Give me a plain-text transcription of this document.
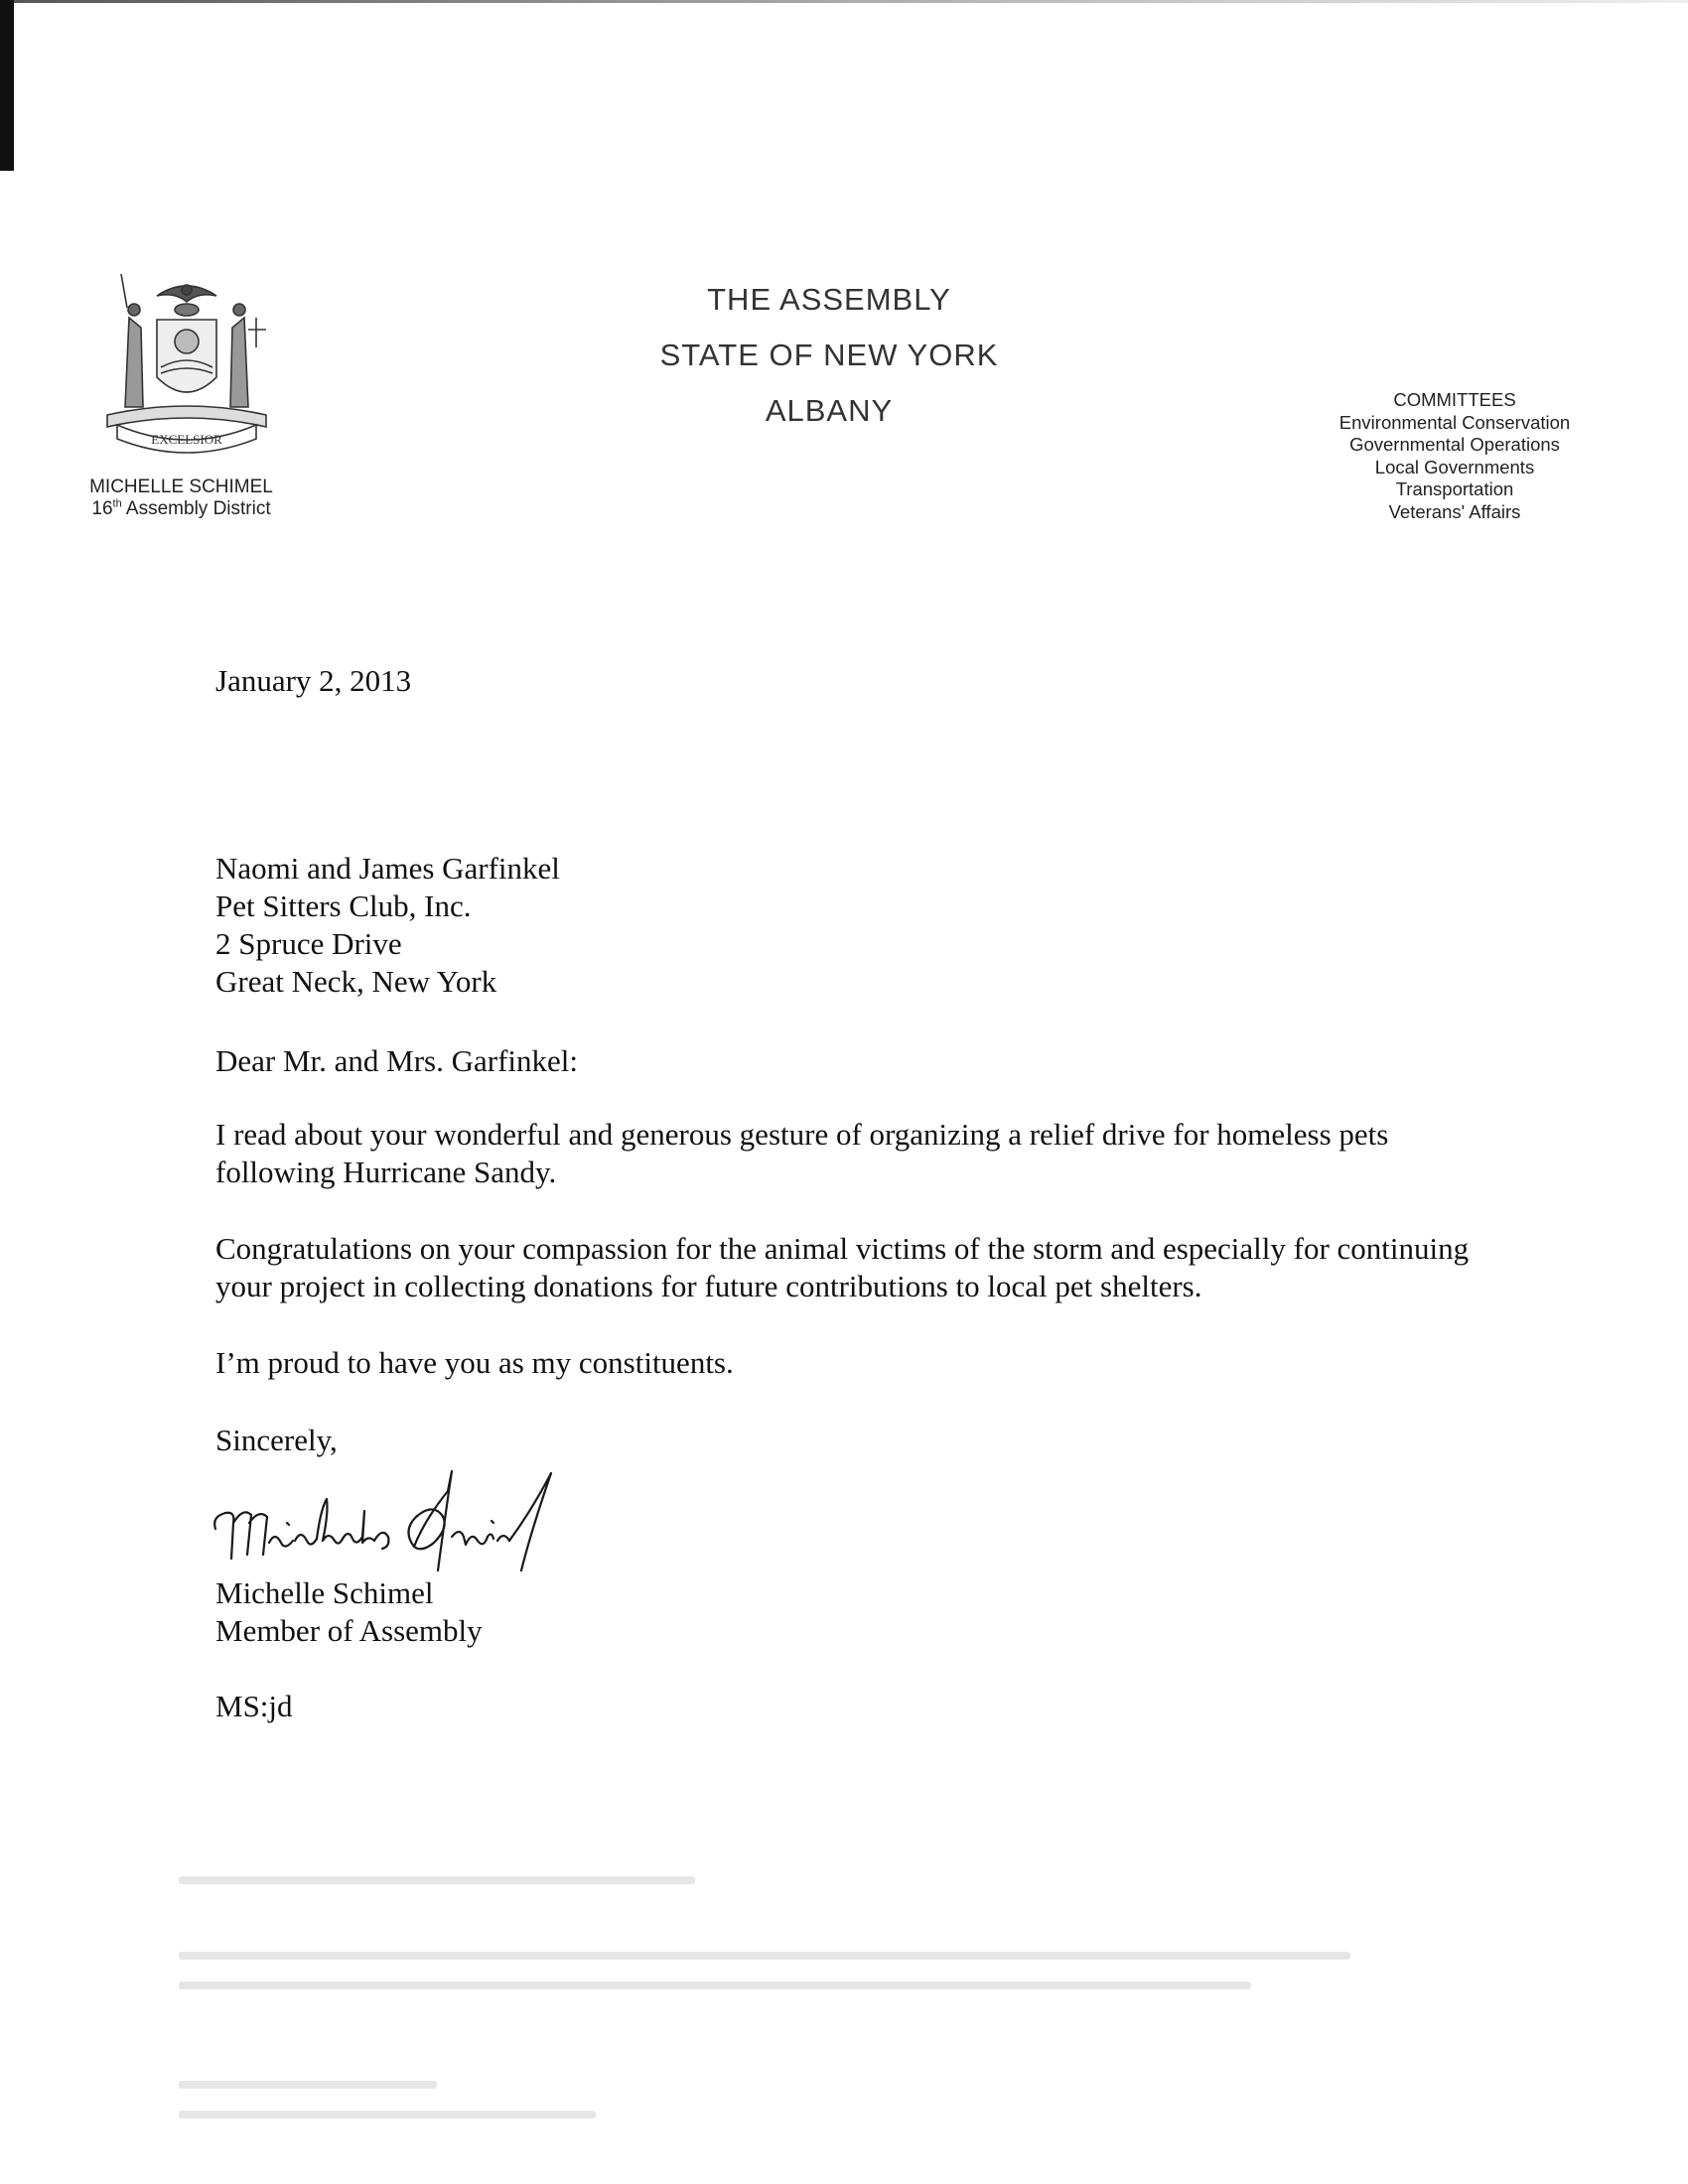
EXCELSIOR
MICHELLE SCHIMEL
16th Assembly District
THE ASSEMBLY
STATE OF NEW YORK
ALBANY	COMMITTEES
Environmental Conservation
Governmental Operations
Local Governments
Transportation
Veterans' Affairs
January 2, 2013
Naomi and James Garfinkel
Pet Sitters Club, Inc.
2 Spruce Drive
Great Neck, New York
Dear Mr. and Mrs. Garfinkel:
I read about your wonderful and generous gesture of organizing a relief drive for homeless pets following Hurricane Sandy.
Congratulations on your compassion for the animal victims of the storm and especially for continuing your project in collecting donations for future contributions to local pet shelters.
I’m proud to have you as my constituents.
Sincerely,
Michelle Schimel
Member of Assembly
MS:jd
